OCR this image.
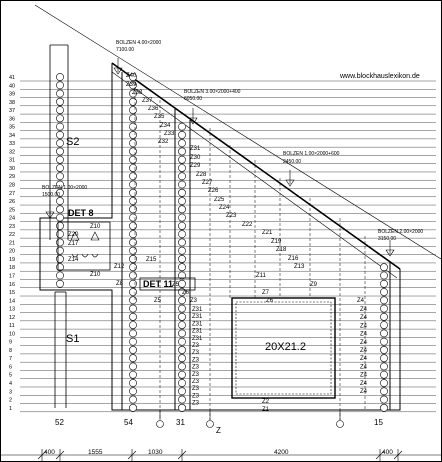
1
2
3
4
5
6
7
8
9
10
11
12
13
14
15
16
17
18
19
20
21
22
23
24
25
26
27
28
29
30
31
32
33
34
35
36
37
38
39
40
41	www.blockhauslexikon.de
BOLZEN 4.00×2000
7100.00
BOLZEN 3.00×2000+400
6050.00
BOLZEN 1.00×2000+600
2450.00
BOLZEN 1.00×2000
1500.00
BOLZEN 2.00×2000
3150.00
DET 8
DET 11
S2
S1
20X21.2
52	54	31
Z
15
400	1555	1030	4200	400
Z40
Z39
Z38
Z37
Z36
Z35
Z34
Z33
Z32
Z31
Z30
Z29
Z28
Z27
Z26
Z25
Z24
Z23
Z22
Z21
Z19
Z18
Z16
Z13
Z11
Z7
Z6
Z9
Z5	Z4
Z3
Z10
Z20
Z17
Z14
Z10
Z12
Z15
Z8	Z5
Z6
Z31
Z31
Z31
Z31
Z31
Z3
Z3
Z3
Z3
Z3
Z3
Z3
Z3
Z3
Z4
Z4
Z4
Z4
Z4
Z4
Z4
Z4
Z4
Z4
Z4
Z2
Z1
